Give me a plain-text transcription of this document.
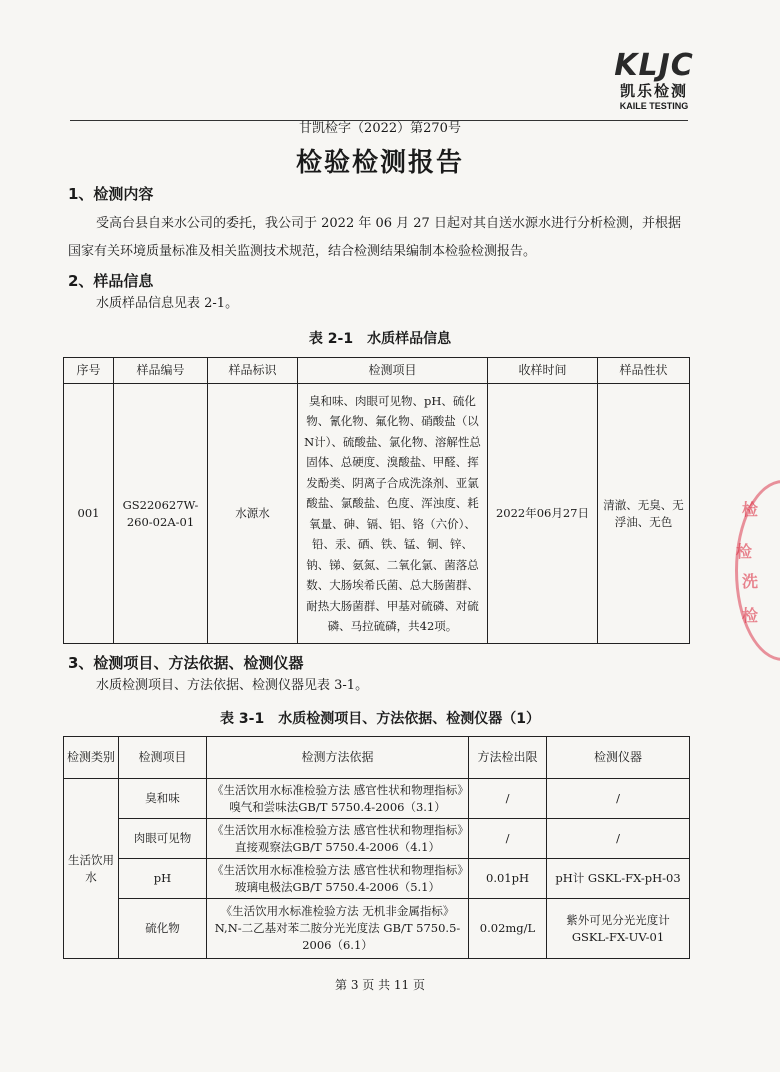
ﾠ	KLJC
凯乐检测
KAILE TESTING
甘凯检字（2022）第270号
检验检测报告
1、检测内容
受高台县自来水公司的委托，我公司于 2022 年 06 月 27 日起对其自送水源水进行分析检测，并根据国家有关环境质量标准及相关监测技术规范，结合检测结果编制本检验检测报告。
2、样品信息
水质样品信息见表 2-1。
表 2-1　水质样品信息
序号	样品编号	样品标识	检测项目	收样时间	样品性状
001	GS220627W-
260-02A-01	水源水	臭和味、肉眼可见物、pH、硫化物、氰化物、氟化物、硝酸盐（以N计）、硫酸盐、氯化物、溶解性总固体、总硬度、溴酸盐、甲醛、挥发酚类、阴离子合成洗涤剂、亚氯酸盐、氯酸盐、色度、浑浊度、耗氧量、砷、镉、铝、铬（六价）、铅、汞、硒、铁、锰、铜、锌、钠、锑、氨氮、二氧化氯、菌落总数、大肠埃希氏菌、总大肠菌群、耐热大肠菌群、甲基对硫磷、对硫磷、马拉硫磷，共42项。	2022年06月27日	清澈、无臭、无浮油、无色
3、检测项目、方法依据、检测仪器
水质检测项目、方法依据、检测仪器见表 3-1。
表 3-1　水质检测项目、方法依据、检测仪器（1）
检测类别	检测项目	检测方法依据	方法检出限	检测仪器
生活饮用水	臭和味	《生活饮用水标准检验方法 感官性状和物理指标》嗅气和尝味法GB/T 5750.4-2006（3.1）	/	/
	肉眼可见物	《生活饮用水标准检验方法 感官性状和物理指标》直接观察法GB/T 5750.4-2006（4.1）	/	/
	pH	《生活饮用水标准检验方法 感官性状和物理指标》玻璃电极法GB/T 5750.4-2006（5.1）	0.01pH	pH计 GSKL-FX-pH-03
	硫化物	《生活饮用水标准检验方法 无机非金属指标》N,N-二乙基对苯二胺分光光度法 GB/T 5750.5-2006（6.1）	0.02mg/L	紫外可见分光光度计 GSKL-FX-UV-01
第 3 页 共 11 页
检
检
洗
检
